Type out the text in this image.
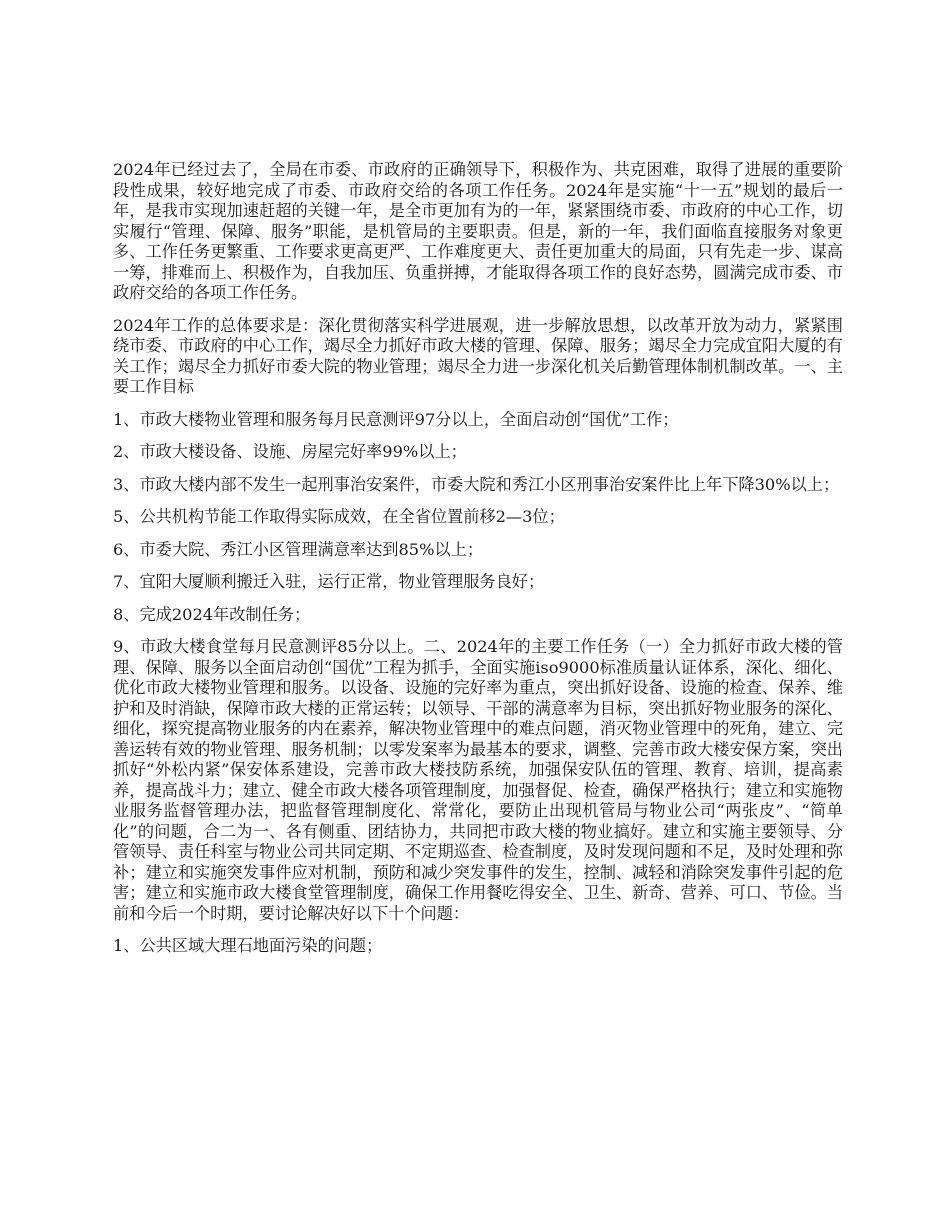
2024年已经过去了，全局在市委、市政府的正确领导下，积极作为、共克困难，取得了进展的重要阶段性成果，较好地完成了市委、市政府交给的各项工作任务。2024年是实施“十一五”规划的最后一年，是我市实现加速赶超的关键一年，是全市更加有为的一年，紧紧围绕市委、市政府的中心工作，切实履行“管理、保障、服务”职能，是机管局的主要职责。但是，新的一年，我们面临直接服务对象更多、工作任务更繁重、工作要求更高更严、工作难度更大、责任更加重大的局面，只有先走一步、谋高一筹，排难而上、积极作为，自我加压、负重拼搏，才能取得各项工作的良好态势，圆满完成市委、市政府交给的各项工作任务。

2024年工作的总体要求是：深化贯彻落实科学进展观，进一步解放思想，以改革开放为动力，紧紧围绕市委、市政府的中心工作，竭尽全力抓好市政大楼的管理、保障、服务；竭尽全力完成宜阳大厦的有关工作；竭尽全力抓好市委大院的物业管理；竭尽全力进一步深化机关后勤管理体制机制改革。一、主要工作目标

1、市政大楼物业管理和服务每月民意测评97分以上，全面启动创“国优”工作；

2、市政大楼设备、设施、房屋完好率99%以上；

3、市政大楼内部不发生一起刑事治安案件，市委大院和秀江小区刑事治安案件比上年下降30%以上；

5、公共机构节能工作取得实际成效，在全省位置前移2—3位；

6、市委大院、秀江小区管理满意率达到85%以上；

7、宜阳大厦顺利搬迁入驻，运行正常，物业管理服务良好；

8、完成2024年改制任务；

9、市政大楼食堂每月民意测评85分以上。二、2024年的主要工作任务（一）全力抓好市政大楼的管理、保障、服务以全面启动创“国优”工程为抓手，全面实施iso9000标准质量认证体系，深化、细化、优化市政大楼物业管理和服务。以设备、设施的完好率为重点，突出抓好设备、设施的检查、保养、维护和及时消缺，保障市政大楼的正常运转；以领导、干部的满意率为目标，突出抓好物业服务的深化、细化，探究提高物业服务的内在素养，解决物业管理中的难点问题，消灭物业管理中的死角，建立、完善运转有效的物业管理、服务机制；以零发案率为最基本的要求，调整、完善市政大楼安保方案，突出抓好“外松内紧”保安体系建设，完善市政大楼技防系统，加强保安队伍的管理、教育、培训，提高素养，提高战斗力；建立、健全市政大楼各项管理制度，加强督促、检查，确保严格执行；建立和实施物业服务监督管理办法，把监督管理制度化、常常化，要防止出现机管局与物业公司“两张皮”、“简单化”的问题，合二为一、各有侧重、团结协力，共同把市政大楼的物业搞好。建立和实施主要领导、分管领导、责任科室与物业公司共同定期、不定期巡查、检查制度，及时发现问题和不足，及时处理和弥补；建立和实施突发事件应对机制，预防和减少突发事件的发生，控制、减轻和消除突发事件引起的危害；建立和实施市政大楼食堂管理制度，确保工作用餐吃得安全、卫生、新奇、营养、可口、节俭。当前和今后一个时期，要讨论解决好以下十个问题：

1、公共区域大理石地面污染的问题；
